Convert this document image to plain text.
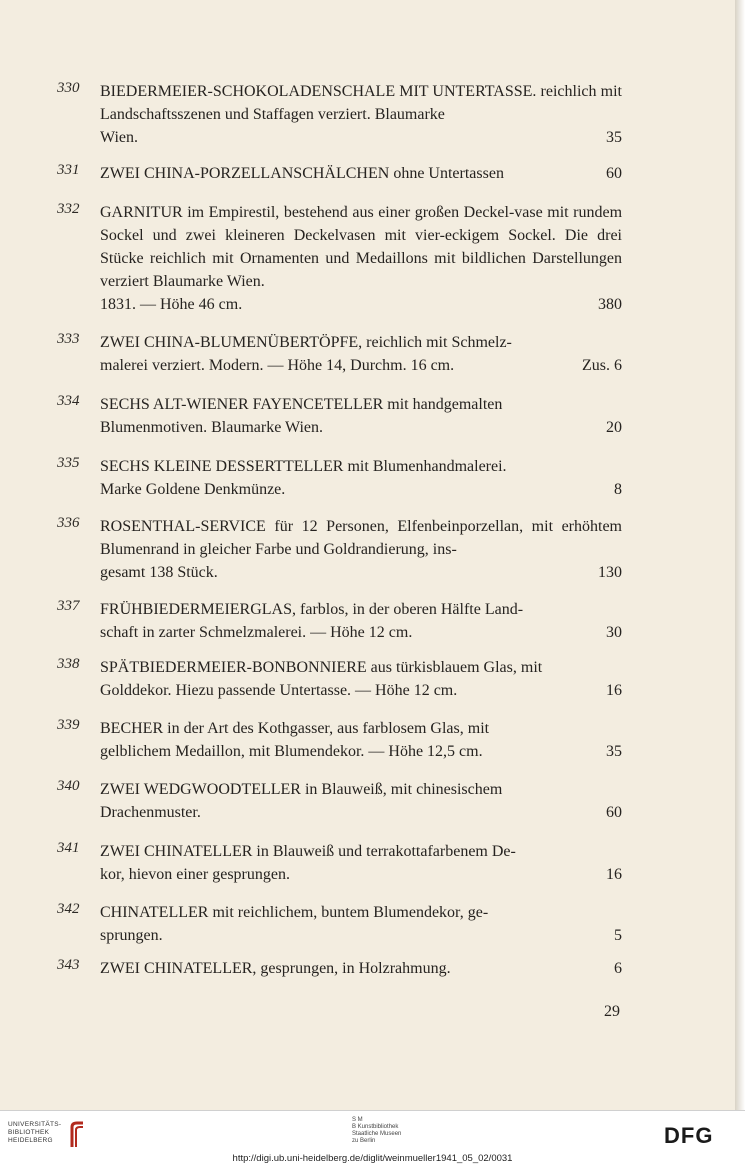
330 BIEDERMEIER-SCHOKOLADENSCHALE MIT UNTERTASSE. reichlich mit Landschaftsszenen und Staffagen verziert. Blaumarke
Wien.	35
331 ZWEI CHINA-PORZELLANSCHÄLCHEN ohne Untertassen	60
332 GARNITUR im Empirestil, bestehend aus einer großen Deckel-vase mit rundem Sockel und zwei kleineren Deckelvasen mit vier-eckigem Sockel. Die drei Stücke reichlich mit Ornamenten und Medaillons mit bildlichen Darstellungen verziert Blaumarke Wien.
1831. — Höhe 46 cm.	380
333 ZWEI CHINA-BLUMENÜBERTÖPFE, reichlich mit Schmelz-
malerei verziert. Modern. — Höhe 14, Durchm. 16 cm.	Zus. 6
334 SECHS ALT-WIENER FAYENCETELLER mit handgemalten
Blumenmotiven. Blaumarke Wien.	20
335 SECHS KLEINE DESSERTTELLER mit Blumenhandmalerei.
Marke Goldene Denkmünze.	8
336 ROSENTHAL-SERVICE für 12 Personen, Elfenbeinporzellan, mit erhöhtem Blumenrand in gleicher Farbe und Goldrandierung, ins-
gesamt 138 Stück.	130
337 FRÜHBIEDERMEIERGLAS, farblos, in der oberen Hälfte Land-
schaft in zarter Schmelzmalerei. — Höhe 12 cm.	30
338 SPÄTBIEDERMEIER-BONBONNIERE aus türkisblauem Glas, mit
Golddekor. Hiezu passende Untertasse. — Höhe 12 cm.	16
339 BECHER in der Art des Kothgasser, aus farblosem Glas, mit
gelblichem Medaillon, mit Blumendekor. — Höhe 12,5 cm.	35
340 ZWEI WEDGWOODTELLER in Blauweiß, mit chinesischem
Drachenmuster.	60
341 ZWEI CHINATELLER in Blauweiß und terrakottafarbenem De-
kor, hievon einer gesprungen.	16
342 CHINATELLER mit reichlichem, buntem Blumendekor, ge-
sprungen.	5
343 ZWEI CHINATELLER, gesprungen, in Holzrahmung.	6
29
UNIVERSITÄTS-
BIBLIOTHEK
HEIDELBERG
S M
B Kunstbibliothek
Staatliche Museen
zu Berlin	DFG
http://digi.ub.uni-heidelberg.de/diglit/weinmueller1941_05_02/0031
